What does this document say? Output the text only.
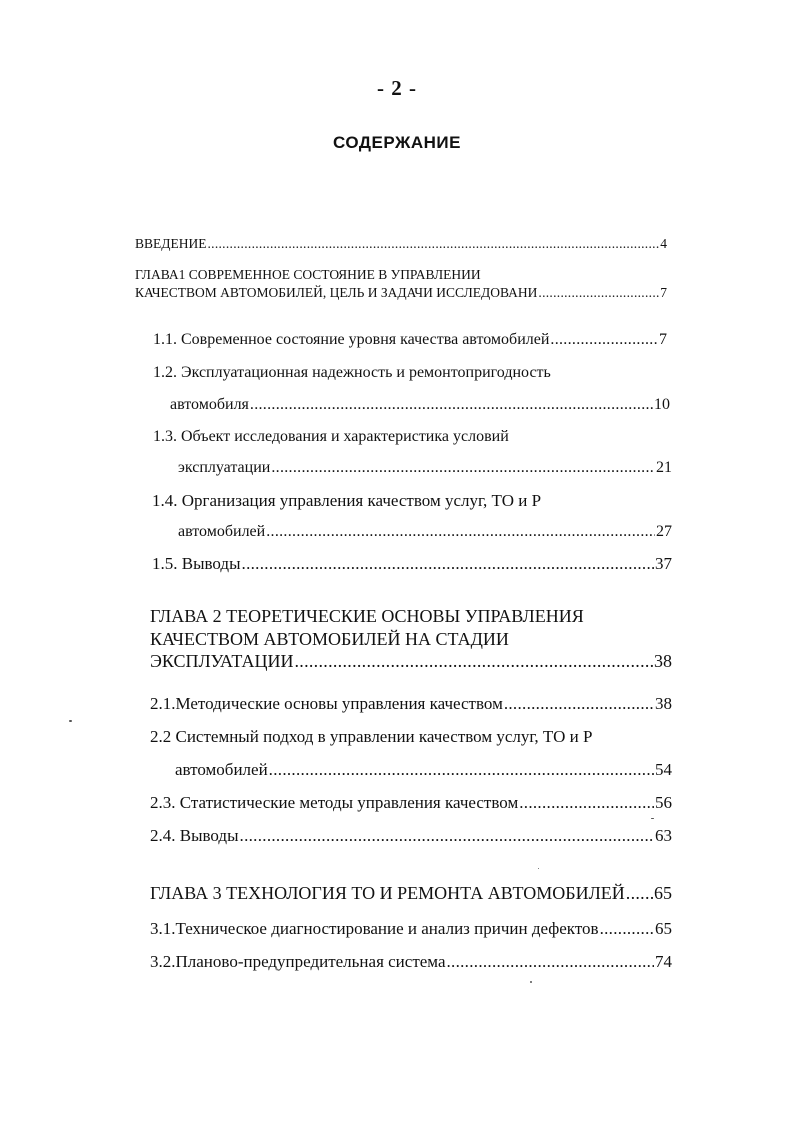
- 2 -
СОДЕРЖАНИЕ
ВВЕДЕНИЕ .....	4
ГЛАВА1 СОВРЕМЕННОЕ СОСТОЯНИЕ В УПРАВЛЕНИИ
КАЧЕСТВОМ АВТОМОБИЛЕЙ, ЦЕЛЬ И ЗАДАЧИ ИССЛЕДОВАНИ .....	7
1.1. Современное состояние уровня качества автомобилей .....	7
1.2. Эксплуатационная надежность и ремонтопригодность
автомобиля .....	10
1.3. Объект исследования и характеристика условий
эксплуатации .....	21
1.4. Организация управления качеством услуг, ТО и Р
автомобилей .....	27
1.5. Выводы .....	37
ГЛАВА 2 ТЕОРЕТИЧЕСКИЕ ОСНОВЫ УПРАВЛЕНИЯ
КАЧЕСТВОМ АВТОМОБИЛЕЙ НА СТАДИИ
ЭКСПЛУАТАЦИИ .....	38
2.1.Методические основы управления качеством .....	38
2.2 Системный подход в управлении качеством услуг, ТО и Р
автомобилей .....	54
2.3. Статистические методы управления качеством .....	56
2.4. Выводы .....	63
ГЛАВА 3 ТЕХНОЛОГИЯ ТО И РЕМОНТА АВТОМОБИЛЕЙ ..... 65
3.1.Техническое диагностирование и анализ причин дефектов .....	65
3.2.Планово-предупредительная система .....	74
